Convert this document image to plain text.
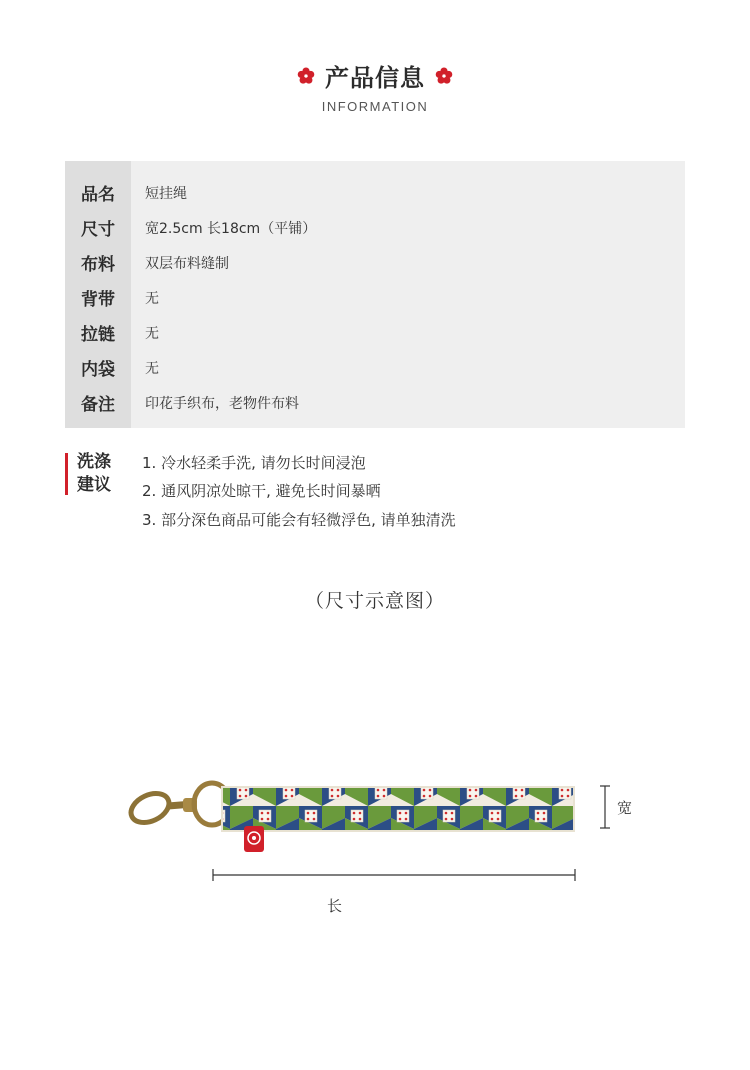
产品信息
INFORMATION
品名	短挂绳
尺寸	宽2.5cm 长18cm（平铺）
布料	双层布料缝制
背带	无
拉链	无
内袋	无
备注	印花手织布，老物件布料
洗涤
建议
1. 冷水轻柔手洗, 请勿长时间浸泡
2. 通风阴凉处晾干, 避免长时间暴晒
3. 部分深色商品可能会有轻微浮色, 请单独清洗
（尺寸示意图）
宽
长
